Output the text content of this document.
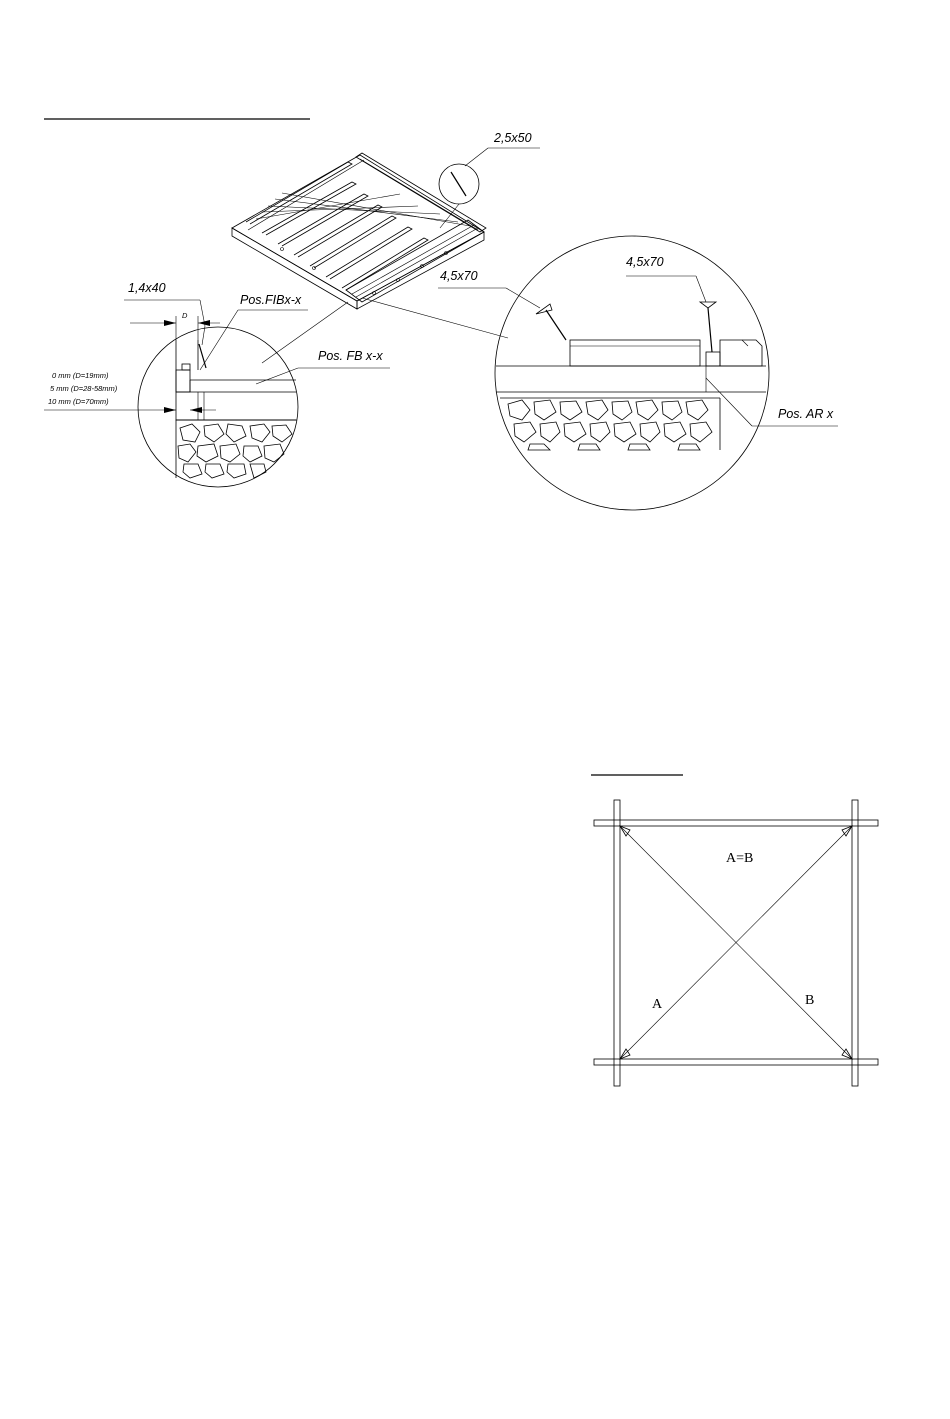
2,5x50
1,4x40
D
0 mm (D=19mm)
5 mm (D=28-58mm)
10 mm (D=70mm)
Pos.FIBx-x
Pos. FB x-x
4,5x70
4,5x70
Pos. AR x
A=B
A	B
